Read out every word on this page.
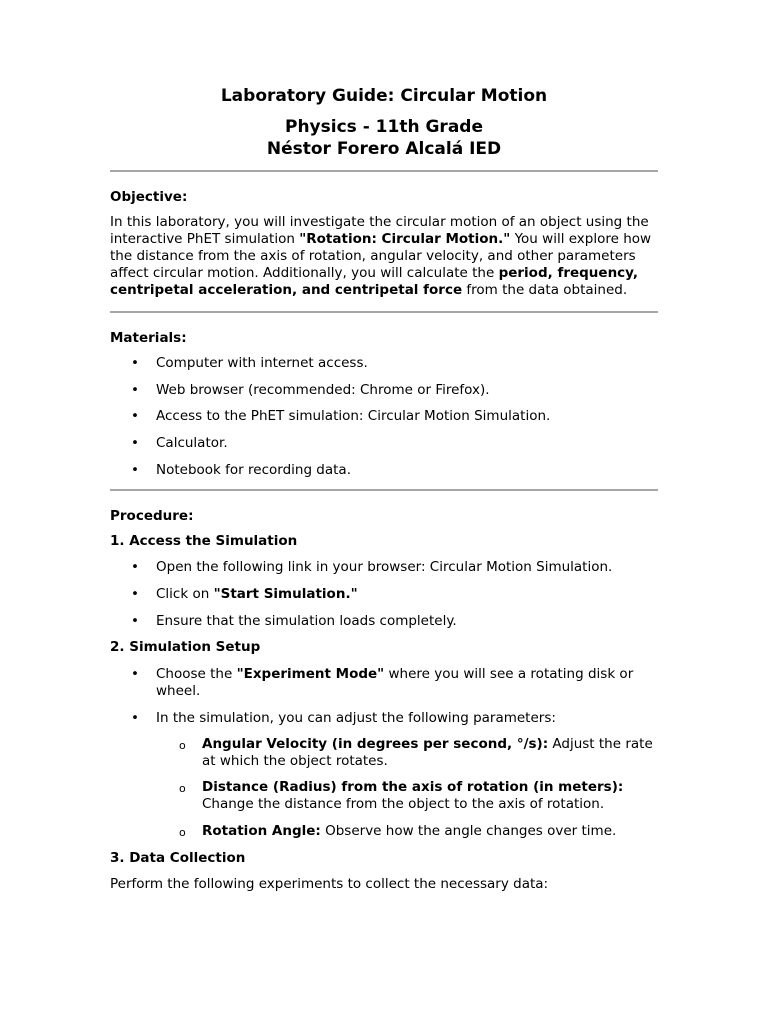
Laboratory Guide: Circular Motion
Physics - 11th Grade
Néstor Forero Alcalá IED
Objective:

In this laboratory, you will investigate the circular motion of an object using the interactive PhET simulation "Rotation: Circular Motion." You will explore how the distance from the axis of rotation, angular velocity, and other parameters affect circular motion. Additionally, you will calculate the period, frequency, centripetal acceleration, and centripetal force from the data obtained.

Materials:
• Computer with internet access.
• Web browser (recommended: Chrome or Firefox).
• Access to the PhET simulation: Circular Motion Simulation.
• Calculator.
• Notebook for recording data.
Procedure:
1. Access the Simulation
• Open the following link in your browser: Circular Motion Simulation.
• Click on "Start Simulation."
• Ensure that the simulation loads completely.
2. Simulation Setup
• Choose the "Experiment Mode" where you will see a rotating disk or wheel.
• In the simulation, you can adjust the following parameters:
o Angular Velocity (in degrees per second, °/s): Adjust the rate at which the object rotates.
o Distance (Radius) from the axis of rotation (in meters): Change the distance from the object to the axis of rotation.
o Rotation Angle: Observe how the angle changes over time.
3. Data Collection

Perform the following experiments to collect the necessary data:
